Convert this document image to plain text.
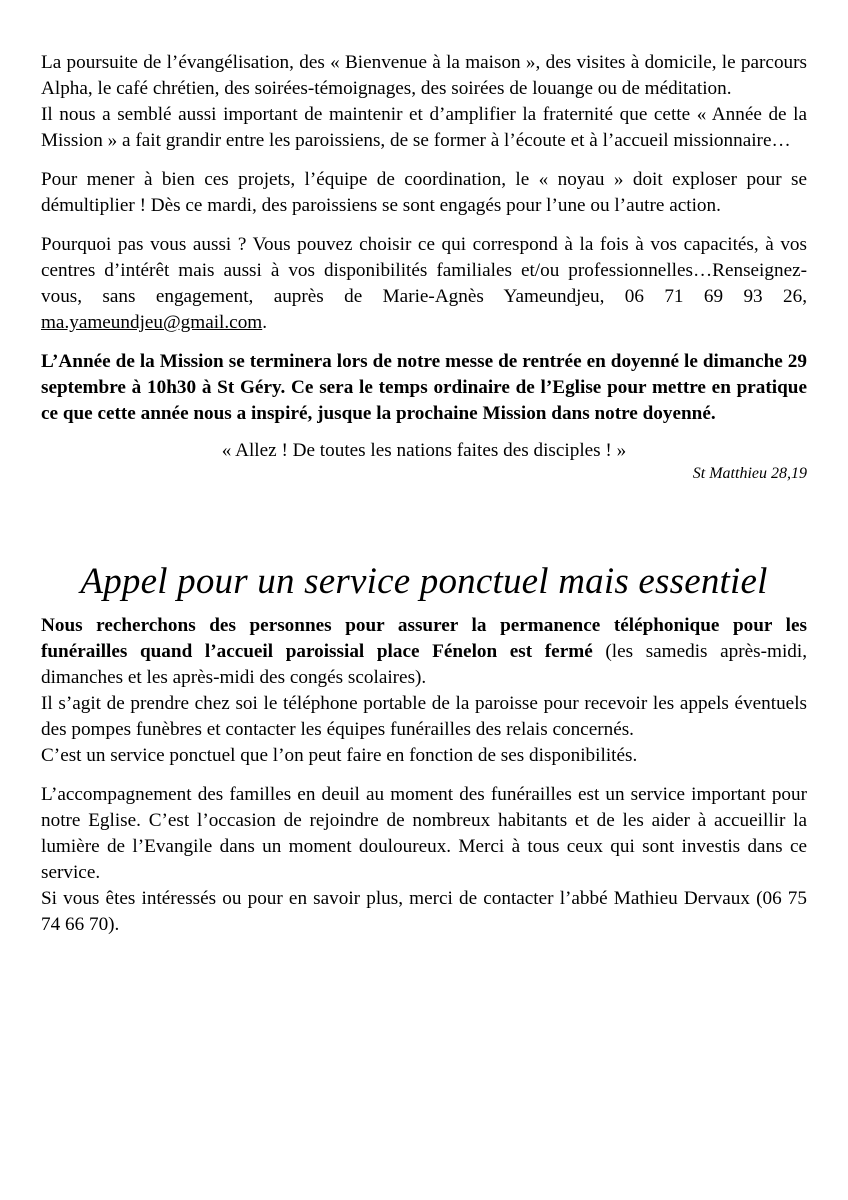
La poursuite de l’évangélisation, des « Bienvenue à la maison », des visites à domicile, le parcours Alpha, le café chrétien, des soirées-témoignages, des soirées de louange ou de méditation.

Il nous a semblé aussi important de maintenir et d’amplifier la fraternité que cette « Année de la Mission » a fait grandir entre les paroissiens, de se former à l’écoute et à l’accueil missionnaire…

Pour mener à bien ces projets, l’équipe de coordination, le « noyau » doit exploser pour se démultiplier ! Dès ce mardi, des paroissiens se sont engagés pour l’une ou l’autre action.

Pourquoi pas vous aussi ? Vous pouvez choisir ce qui correspond à la fois à vos capacités, à vos centres d’intérêt mais aussi à vos disponibilités familiales et/ou professionnelles…Renseignez-vous, sans engagement, auprès de Marie-Agnès Yameundjeu, 06 71 69 93 26, ma.yameundjeu@gmail.com.

L’Année de la Mission se terminera lors de notre messe de rentrée en doyenné le dimanche 29 septembre à 10h30 à St Géry. Ce sera le temps ordinaire de l’Eglise pour mettre en pratique ce que cette année nous a inspiré, jusque la prochaine Mission dans notre doyenné.

« Allez ! De toutes les nations faites des disciples ! »
St Matthieu 28,19
Appel pour un service ponctuel mais essentiel

Nous recherchons des personnes pour assurer la permanence téléphonique pour les funérailles quand l’accueil paroissial place Fénelon est fermé (les samedis après-midi, dimanches et les après-midi des congés scolaires).

Il s’agit de prendre chez soi le téléphone portable de la paroisse pour recevoir les appels éventuels des pompes funèbres et contacter les équipes funérailles des relais concernés.

C’est un service ponctuel que l’on peut faire en fonction de ses disponibilités.

L’accompagnement des familles en deuil au moment des funérailles est un service important pour notre Eglise. C’est l’occasion de rejoindre de nombreux habitants et de les aider à accueillir la lumière de l’Evangile dans un moment douloureux. Merci à tous ceux qui sont investis dans ce service.

Si vous êtes intéressés ou pour en savoir plus, merci de contacter l’abbé Mathieu Dervaux (06 75 74 66 70).
